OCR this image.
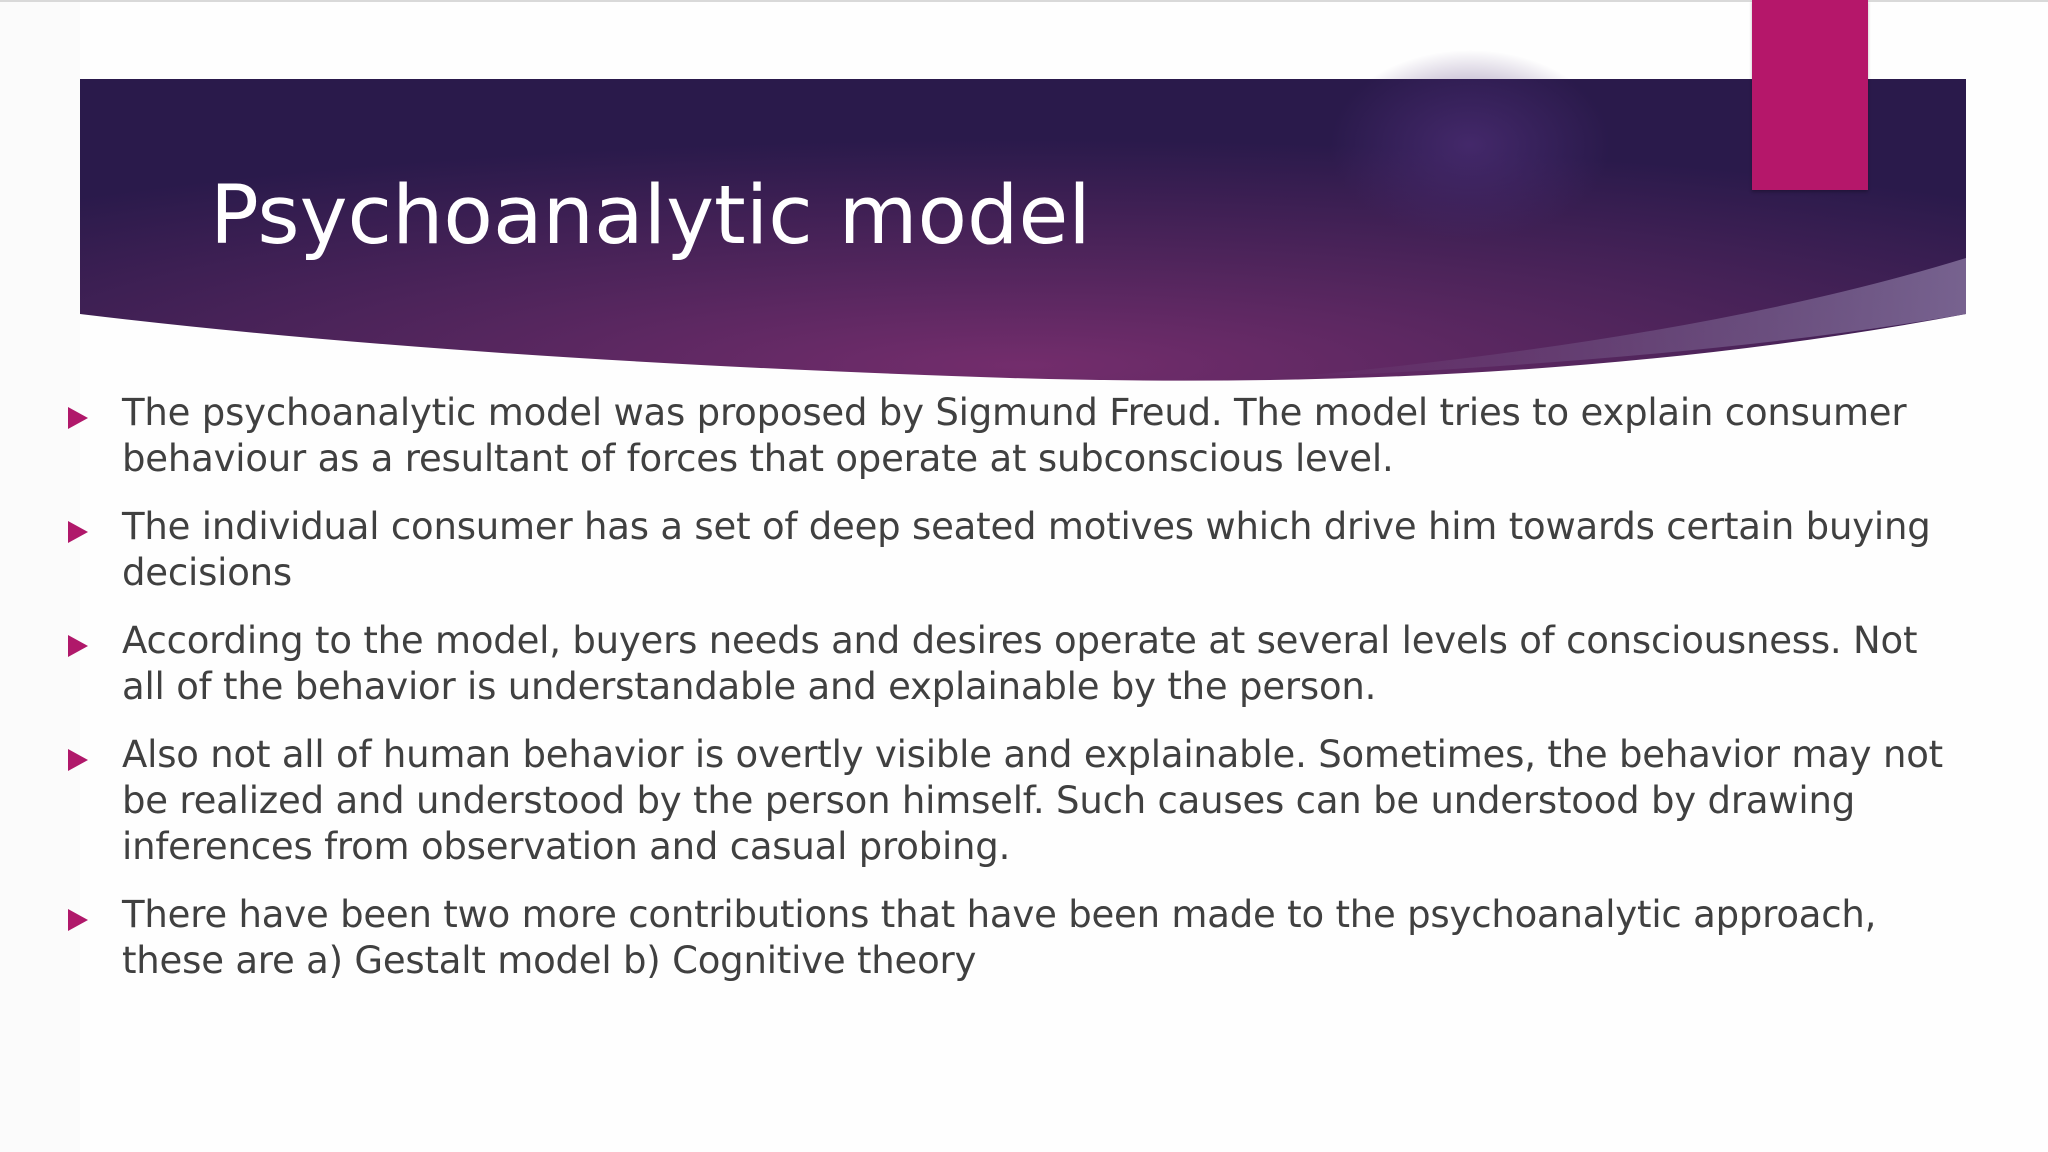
Psychoanalytic model
The psychoanalytic model was proposed by Sigmund Freud. The model tries to explain consumer behaviour as a resultant of forces that operate at subconscious level.
The individual consumer has a set of deep seated motives which drive him towards certain buying decisions
According to the model, buyers needs and desires operate at several levels of consciousness. Not all of the behavior is understandable and explainable by the person.
Also not all of human behavior is overtly visible and explainable. Sometimes, the behavior may not be realized and understood by the person himself. Such causes can be understood by drawing inferences from observation and casual probing.
There have been two more contributions that have been made to the psychoanalytic approach, these are a) Gestalt model b) Cognitive theory
